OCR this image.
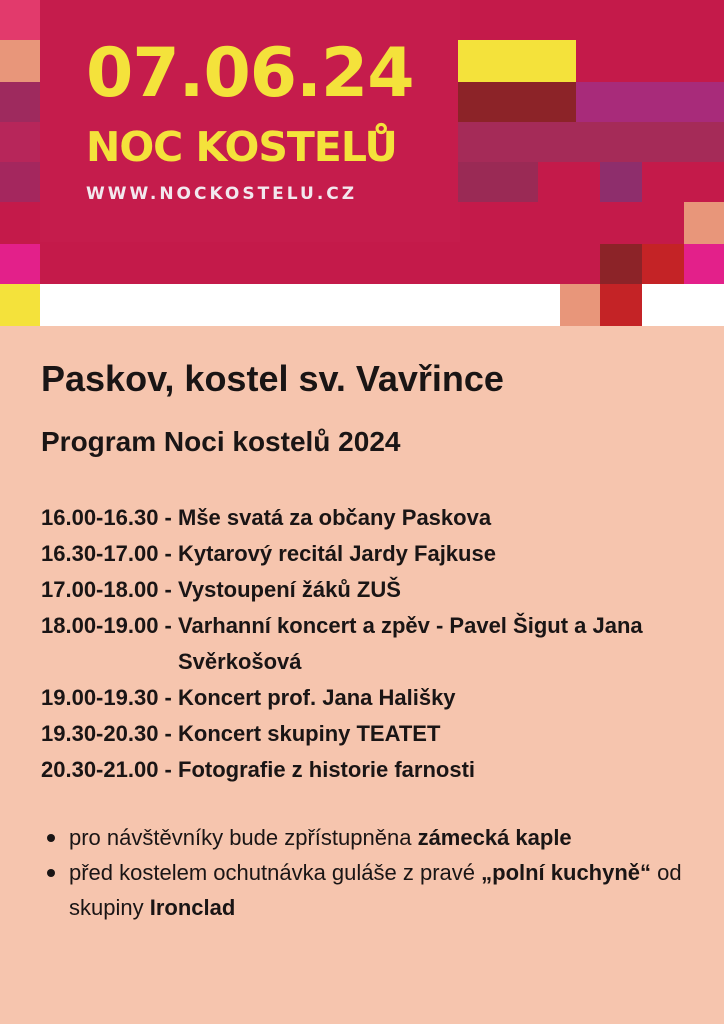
07.06.24
NOC KOSTELŮ
WWW.NOCKOSTELU.CZ
Paskov, kostel sv. Vavřince
Program Noci kostelů 2024
16.00-16.30 - Mše svatá za občany Paskova
16.30-17.00 - Kytarový recitál Jardy Fajkuse
17.00-18.00 - Vystoupení žáků ZUŠ
18.00-19.00 - Varhanní koncert a zpěv - Pavel Šigut a Jana Svěrkošová
19.00-19.30 - Koncert prof. Jana Hališky
19.30-20.30 - Koncert skupiny TEATET
20.30-21.00 - Fotografie z historie farnosti
pro návštěvníky bude zpřístupněna zámecká kaple
před kostelem ochutnávka guláše z pravé „polní kuchyně“ od skupiny Ironclad
